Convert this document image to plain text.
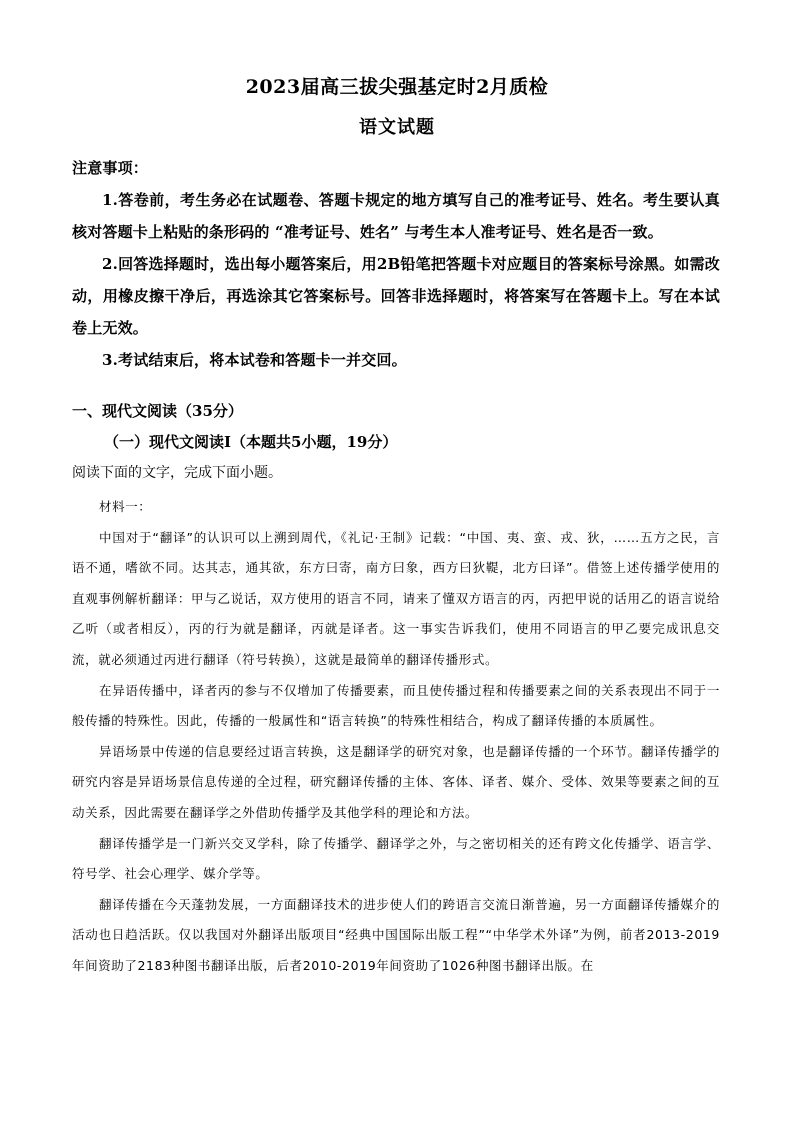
2023届高三拔尖强基定时2月质检
语文试题

注意事项：

1.答卷前，考生务必在试题卷、答题卡规定的地方填写自己的准考证号、姓名。考生要认真核对答题卡上粘贴的条形码的 “准考证号、姓名” 与考生本人准考证号、姓名是否一致。

2.回答选择题时，选出每小题答案后，用2B铅笔把答题卡对应题目的答案标号涂黑。如需改动，用橡皮擦干净后，再选涂其它答案标号。回答非选择题时，将答案写在答题卡上。写在本试卷上无效。

3.考试结束后，将本试卷和答题卡一并交回。

一、现代文阅读（35分）
（一）现代文阅读Ⅰ（本题共5小题，19分）
阅读下面的文字，完成下面小题。

材料一：

中国对于“翻译”的认识可以上溯到周代，《礼记·王制》记载：“中国、夷、蛮、戎、狄，……五方之民，言语不通，嗜欲不同。达其志，通其欲，东方曰寄，南方曰象，西方曰狄鞮，北方曰译”。借签上述传播学使用的直观事例解析翻译：甲与乙说话，双方使用的语言不同，请来了懂双方语言的丙，丙把甲说的话用乙的语言说给乙听（或者相反），丙的行为就是翻译，丙就是译者。这一事实告诉我们，使用不同语言的甲乙要完成讯息交流，就必须通过丙进行翻译（符号转换），这就是最简单的翻译传播形式。

在异语传播中，译者丙的参与不仅增加了传播要素，而且使传播过程和传播要素之间的关系表现出不同于一般传播的特殊性。因此，传播的一般属性和“语言转换”的特殊性相结合，构成了翻译传播的本质属性。

异语场景中传递的信息要经过语言转换，这是翻译学的研究对象，也是翻译传播的一个环节。翻译传播学的研究内容是异语场景信息传递的全过程，研究翻译传播的主体、客体、译者、媒介、受体、效果等要素之间的互动关系，因此需要在翻译学之外借助传播学及其他学科的理论和方法。

翻译传播学是一门新兴交叉学科，除了传播学、翻译学之外，与之密切相关的还有跨文化传播学、语言学、符号学、社会心理学、媒介学等。

翻译传播在今天蓬勃发展，一方面翻译技术的进步使人们的跨语言交流日渐普遍，另一方面翻译传播媒介的活动也日趋活跃。仅以我国对外翻译出版项目“经典中国国际出版工程”“中华学术外译”为例，前者2013-2019年间资助了2183种图书翻译出版，后者2010-2019年间资助了1026种图书翻译出版。在
